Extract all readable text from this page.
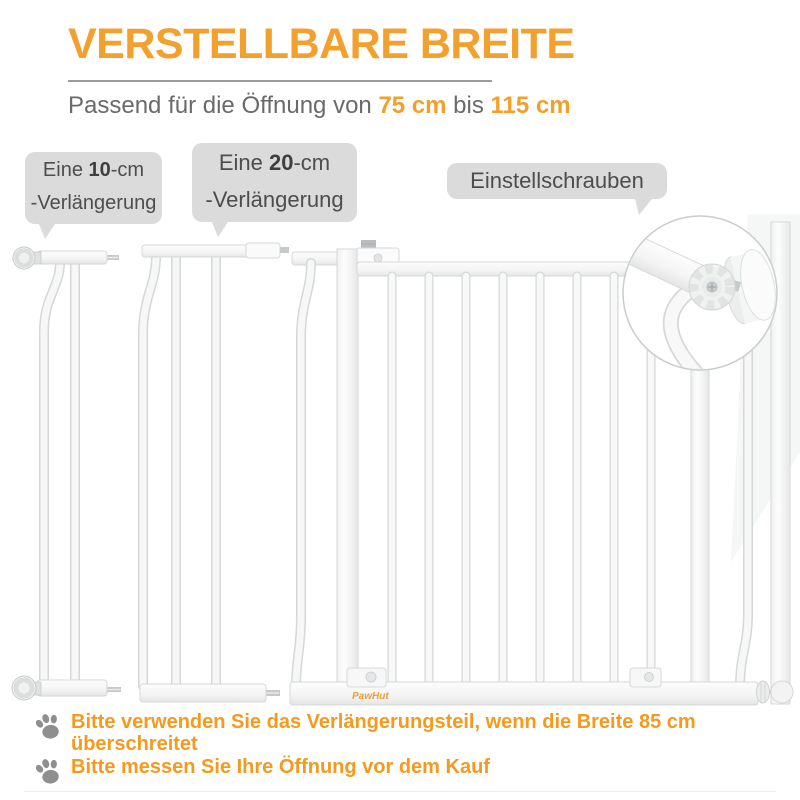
PawHut
VERSTELLBARE BREITE

Passend für die Öffnung von 75 cm bis 115 cm

Eine 10-cm
-Verlängerung
Eine 20-cm
-Verlängerung
Einstellschrauben
Bitte verwenden Sie das Verlängerungsteil, wenn die Breite 85 cm überschreitet
Bitte messen Sie Ihre Öffnung vor dem Kauf
